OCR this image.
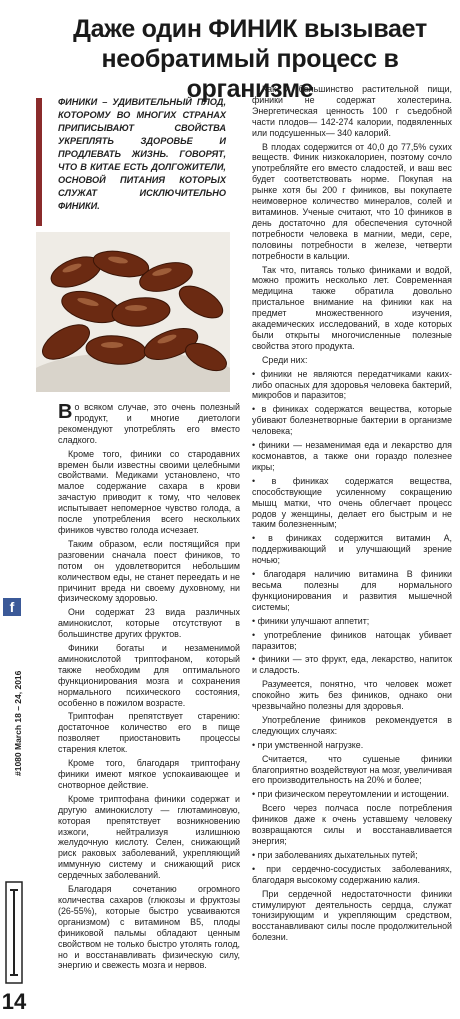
Даже один ФИНИК вызывает необратимый процесс в организме
ФИНИКИ – УДИВИТЕЛЬНЫЙ ПЛОД, КОТОРОМУ ВО МНОГИХ СТРАНАХ ПРИПИСЫВАЮТ СВОЙСТВА УКРЕПЛЯТЬ ЗДОРОВЬЕ И ПРОДЛЕВАТЬ ЖИЗНЬ. ГОВОРЯТ, ЧТО В КИТАЕ ЕСТЬ ДОЛГОЖИТЕЛИ, ОСНОВОЙ ПИТАНИЯ КОТОРЫХ СЛУЖАТ ИСКЛЮЧИТЕЛЬНО ФИНИКИ.

Во всяком случае, это очень полезный продукт, и многие диетологи рекомендуют употреблять его вместо сладкого.

Кроме того, финики со стародавних времен были известны своими целебными свойствами. Медиками установлено, что малое содержание сахара в крови зачастую приводит к тому, что человек испытывает непомерное чувство голода, а после употребления всего нескольких фиников чувство голода исчезает.

Таким образом, если постящийся при разговении сначала поест фиников, то потом он удовлетворится небольшим количеством еды, не станет переедать и не причинит вреда ни своему духовному, ни физическому здоровью.

Они содержат 23 вида различных аминокислот, которые отсутствуют в большинстве других фруктов.

Финики богаты и незаменимой аминокислотой триптофаном, который также необходим для оптимального функционирования мозга и сохранения нормального психического состояния, особенно в пожилом возрасте.

Триптофан препятствует старению: достаточное количество его в пище позволяет приостановить процессы старения клеток.

Кроме того, благодаря триптофану финики имеют мягкое успокаивающее и снотворное действие.

Кроме триптофана финики содержат и другую аминокислоту — глютаминовую, которая препятствует возникновению изжоги, нейтрализуя излишнюю желудочную кислоту. Селен, снижающий риск раковых заболеваний, укрепляющий иммунную систему и снижающий риск сердечных заболеваний.

Благодаря сочетанию огромного количества сахаров (глюкозы и фруктозы (26-55%), которые быстро усваиваются организмом) с витамином В5, плоды финиковой пальмы обладают ценным свойством не только быстро утолять голод, но и восстанавливать физическую силу, энергию и свежесть мозга и нервов.

Как и большинство растительной пищи, финики не содержат холестерина. Энергетическая ценность 100 г съедобной части плодов— 142-274 калории, подвяленных или подсушенных— 340 калорий.

В плодах содержится от 40,0 до 77,5% сухих веществ. Финик низкокалориен, поэтому сочло употребляйте его вместо сладостей, и ваш вес будет соответствовать норме. Покупая на рынке хотя бы 200 г фиников, вы покупаете неимоверное количество минералов, солей и витаминов. Ученые считают, что 10 фиников в день достаточно для обеспечения суточной потребности человека в магнии, меди, сере, половины потребности в железе, четверти потребности в кальции.

Так что, питаясь только финиками и водой, можно прожить несколько лет. Современная медицина также обратила довольно пристальное внимание на финики как на предмет множественного изучения, академических исследований, в ходе которых были открыты многочисленные полезные свойства этого продукта.

Среди них:

• финики не являются передатчиками каких-либо опасных для здоровья человека бактерий, микробов и паразитов;

• в финиках содержатся вещества, которые убивают болезнетворные бактерии в организме человека;

• финики — незаменимая еда и лекарство для космонавтов, а также они гораздо полезнее икры;

• в финиках содержатся вещества, способствующие усиленному сокращению мышц матки, что очень облегчает процесс родов у женщины, делает его быстрым и не таким болезненным;

• в финиках содержится витамин А, поддерживающий и улучшающий зрение ночью;

• благодаря наличию витамина В финики весьма полезны для нормального функционирования и развития мышечной системы;

• финики улучшают аппетит;

• употребление фиников натощак убивает паразитов;

• финики — это фрукт, еда, лекарство, напиток и сладость.

Разумеется, понятно, что человек может спокойно жить без фиников, однако они чрезвычайно полезны для здоровья.

Употребление фиников рекомендуется в следующих случаях:

• при умственной нагрузке.

Считается, что сушеные финики благоприятно воздействуют на мозг, увеличивая его производительность на 20% и более;

• при физическом переутомлении и истощении.

Всего через полчаса после потребления фиников даже к очень уставшему человеку возвращаются силы и восстанавливается энергия;

• при заболеваниях дыхательных путей;

• при сердечно-сосудистых заболеваниях, благодаря высокому содержанию калия.

При сердечной недостаточности финики стимулируют деятельность сердца, служат тонизирующим и укрепляющим средством, восстанавливают силы после продолжительной болезни.

f
#1080 March 18 – 24, 2016
14
